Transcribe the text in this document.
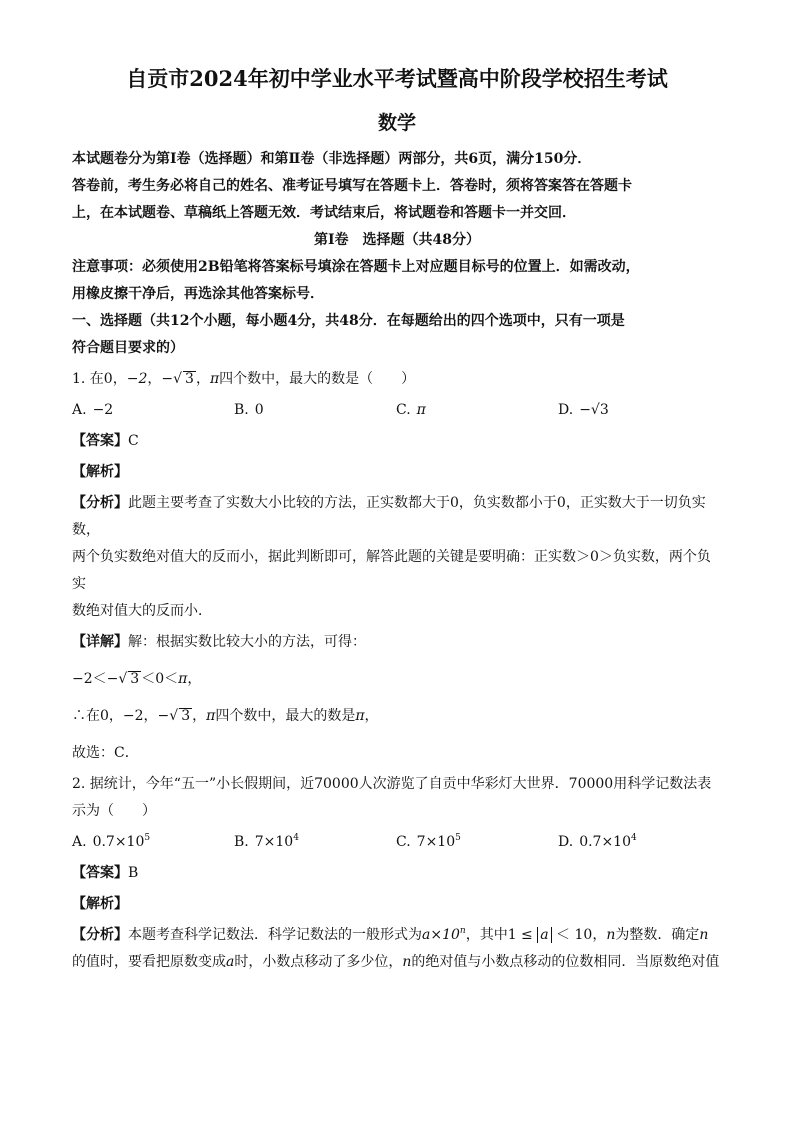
自贡市2024年初中学业水平考试暨高中阶段学校招生考试
数学

本试题卷分为第Ⅰ卷（选择题）和第Ⅱ卷（非选择题）两部分，共6页，满分150分．

答卷前，考生务必将自己的姓名、准考证号填写在答题卡上．答卷时，须将答案答在答题卡

上，在本试题卷、草稿纸上答题无效．考试结束后，将试题卷和答题卡一并交回．

第Ⅰ卷　选择题（共48分）

注意事项：必须使用2B铅笔将答案标号填涂在答题卡上对应题目标号的位置上．如需改动，

用橡皮擦干净后，再选涂其他答案标号．

一、选择题（共12个小题，每小题4分，共48分．在每题给出的四个选项中，只有一项是

符合题目要求的）

1. 在0，−2，−√ 3 ，π四个数中，最大的数是（　　）

A. −2	B. 0	C. π	D. −√3

【答案】C

【解析】

【分析】此题主要考查了实数大小比较的方法，正实数都大于0，负实数都小于0，正实数大于一切负实数，

两个负实数绝对值大的反而小，据此判断即可，解答此题的关键是要明确：正实数＞0＞负实数，两个负实

数绝对值大的反而小．

【详解】解：根据实数比较大小的方法，可得：

−2＜−√ 3 ＜0＜π，

∴在0，−2，−√ 3 ，π四个数中，最大的数是π，

故选：C．

2. 据统计，今年“五一”小长假期间，近70000人次游览了自贡中华彩灯大世界．70000用科学记数法表

示为（　　）

A. $0.7\times 10^5$	B. $7\times 10^4$	C. $7\times 10^5$	D. $0.7\times 10^4$

【答案】B

【解析】

【分析】本题考查科学记数法．科学记数法的一般形式为$a\times 10^n$，其中1 ≤ a ＜ 10，n为整数．确定n

的值时，要看把原数变成a时，小数点移动了多少位，n的绝对值与小数点移动的位数相同．当原数绝对值
